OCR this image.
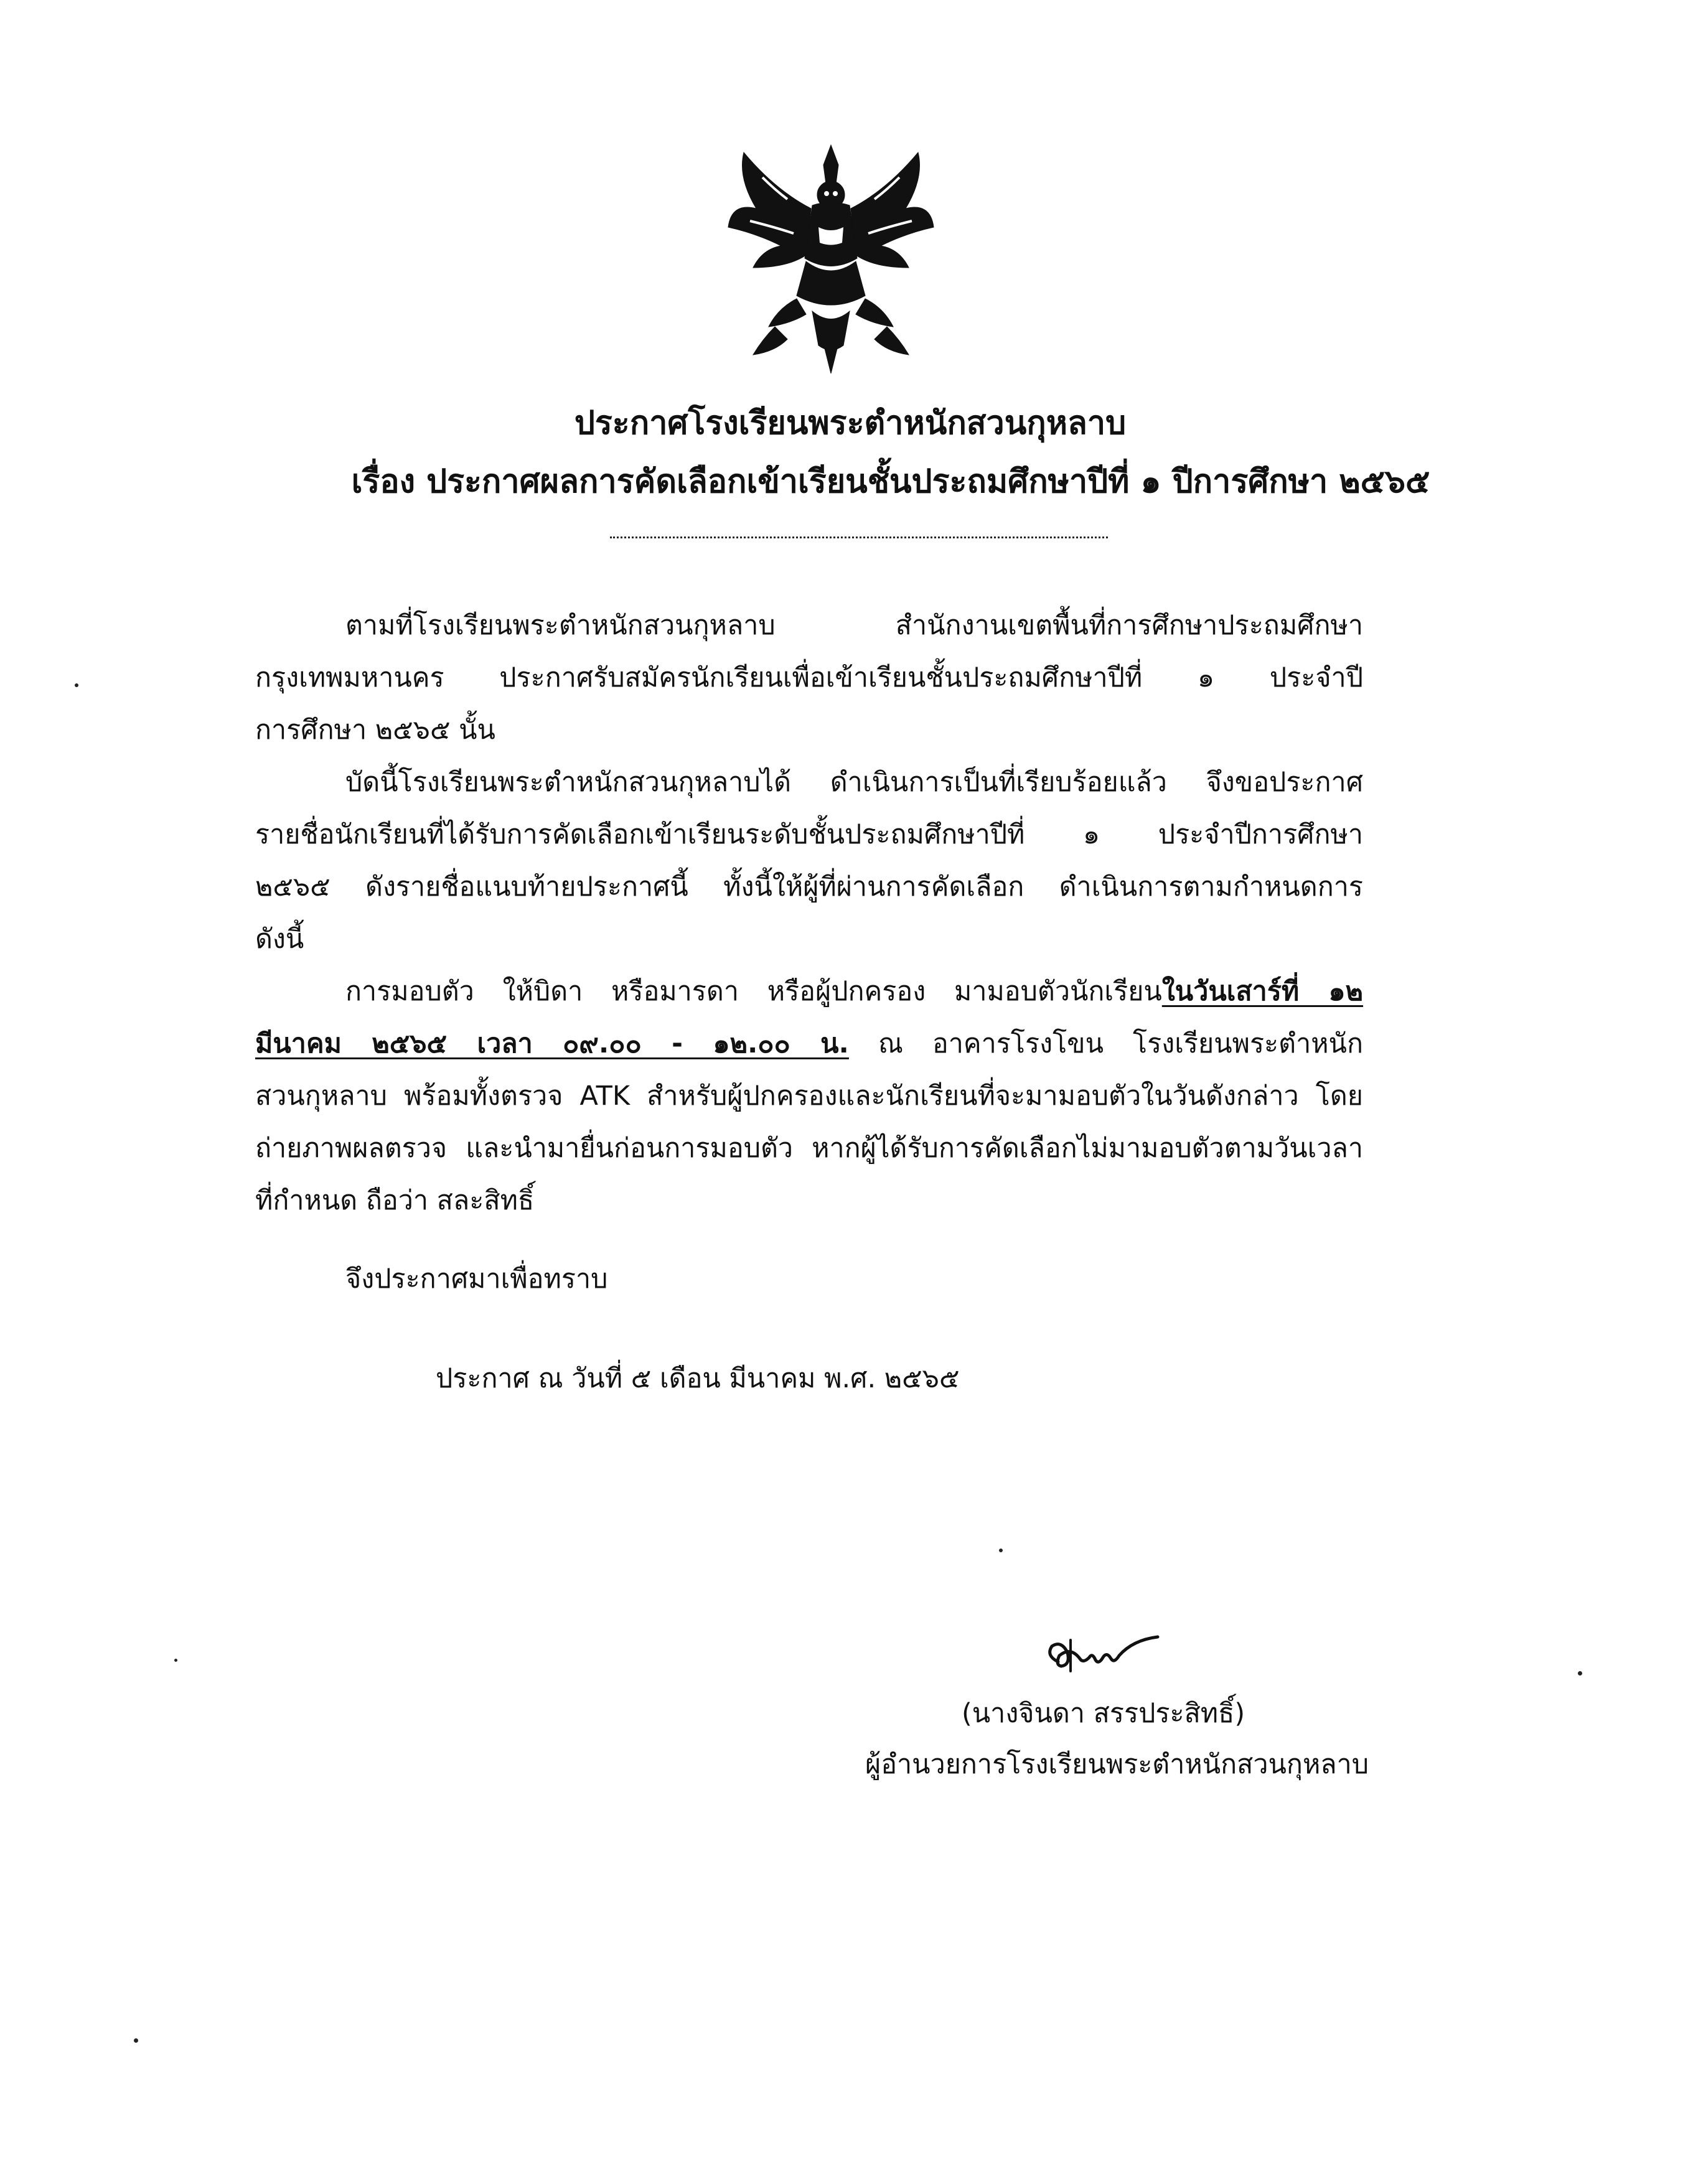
ประกาศโรงเรียนพระตำหนักสวนกุหลาบ
เรื่อง ประกาศผลการคัดเลือกเข้าเรียนชั้นประถมศึกษาปีที่ ๑ ปีการศึกษา ๒๕๖๕
ตามที่โรงเรียนพระตำหนักสวนกุหลาบ สำนักงานเขตพื้นที่การศึกษาประถมศึกษา
กรุงเทพมหานคร ประกาศรับสมัครนักเรียนเพื่อเข้าเรียนชั้นประถมศึกษาปีที่ ๑ ประจำปี
การศึกษา ๒๕๖๕ นั้น
บัดนี้โรงเรียนพระตำหนักสวนกุหลาบได้ ดำเนินการเป็นที่เรียบร้อยแล้ว จึงขอประกาศ
รายชื่อนักเรียนที่ได้รับการคัดเลือกเข้าเรียนระดับชั้นประถมศึกษาปีที่ ๑ ประจำปีการศึกษา
๒๕๖๕ ดังรายชื่อแนบท้ายประกาศนี้ ทั้งนี้ให้ผู้ที่ผ่านการคัดเลือก ดำเนินการตามกำหนดการ
ดังนี้
การมอบตัว ให้บิดา หรือมารดา หรือผู้ปกครอง มามอบตัวนักเรียนในวันเสาร์ที่ ๑๒
มีนาคม ๒๕๖๕ เวลา ๐๙.๐๐ - ๑๒.๐๐ น. ณ อาคารโรงโขน โรงเรียนพระตำหนัก
สวนกุหลาบ พร้อมทั้งตรวจ ATK สำหรับผู้ปกครองและนักเรียนที่จะมามอบตัวในวันดังกล่าว โดย
ถ่ายภาพผลตรวจ และนำมายื่นก่อนการมอบตัว หากผู้ได้รับการคัดเลือกไม่มามอบตัวตามวันเวลา
ที่กำหนด ถือว่า สละสิทธิ์
จึงประกาศมาเพื่อทราบ
ประกาศ ณ วันที่ ๕ เดือน มีนาคม พ.ศ. ๒๕๖๕
(นางจินดา สรรประสิทธิ์)
ผู้อำนวยการโรงเรียนพระตำหนักสวนกุหลาบ
